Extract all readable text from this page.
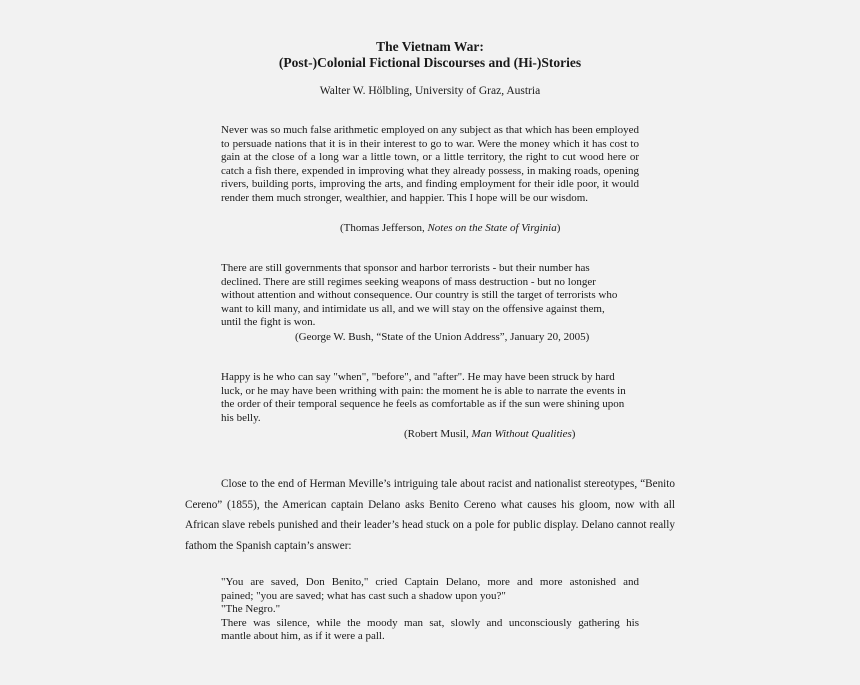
The Vietnam War:
(Post-)Colonial Fictional Discourses and (Hi-)Stories
Walter W. Hölbling, University of Graz, Austria
Never was so much false arithmetic employed on any subject as that which has been employed to persuade nations that it is in their interest to go to war. Were the money which it has cost to gain at the close of a long war a little town, or a little territory, the right to cut wood here or catch a fish there, expended in improving what they already possess, in making roads, opening rivers, building ports, improving the arts, and finding employment for their idle poor, it would render them much stronger, wealthier, and happier. This I hope will be our wisdom.
(Thomas Jefferson, Notes on the State of Virginia)
There are still governments that sponsor and harbor terrorists - but their number has declined. There are still regimes seeking weapons of mass destruction - but no longer without attention and without consequence. Our country is still the target of terrorists who want to kill many, and intimidate us all, and we will stay on the offensive against them, until the fight is won.
(George W. Bush, “State of the Union Address”, January 20, 2005)
Happy is he who can say "when", "before", and "after". He may have been struck by hard luck, or he may have been writhing with pain: the moment he is able to narrate the events in the order of their temporal sequence he feels as comfortable as if the sun were shining upon his belly.
(Robert Musil, Man Without Qualities)
Close to the end of Herman Meville’s intriguing tale about racist and nationalist stereotypes, “Benito Cereno” (1855), the American captain Delano asks Benito Cereno what causes his gloom, now with all African slave rebels punished and their leader’s head stuck on a pole for public display. Delano cannot really fathom the Spanish captain’s answer:
"You are saved, Don Benito," cried Captain Delano, more and more astonished and
pained; "you are saved; what has cast such a shadow upon you?"
"The Negro."
There was silence, while the moody man sat, slowly and unconsciously gathering his
mantle about him, as if it were a pall.
